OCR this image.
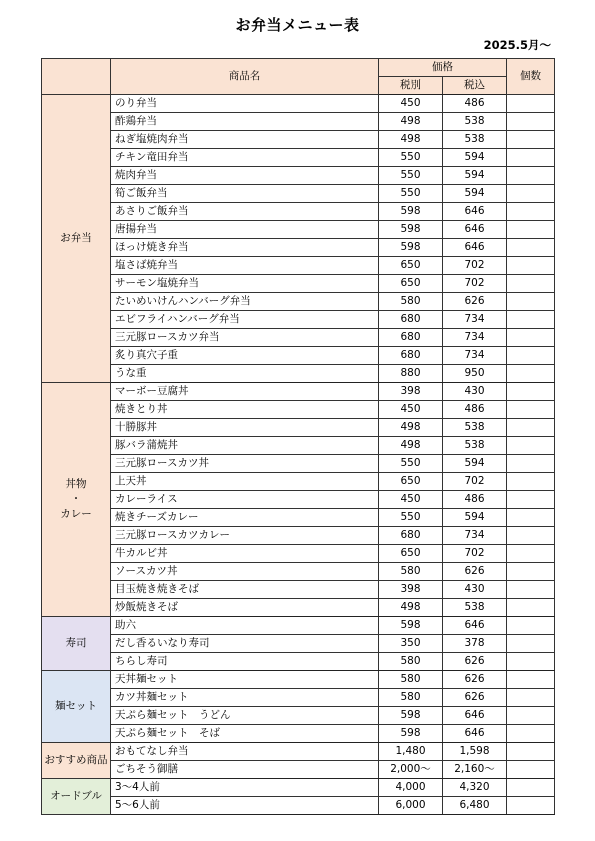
お弁当メニュー表
2025.5月～
	商品名	価格		個数
		税別	税込	

お弁当	のり弁当	450	486	
	酢鶏弁当	498	538	
	ねぎ塩焼肉弁当	498	538	
	チキン竜田弁当	550	594	
	焼肉弁当	550	594	
	筍ご飯弁当	550	594	
	あさりご飯弁当	598	646	
	唐揚弁当	598	646	
	ほっけ焼き弁当	598	646	
	塩さば焼弁当	650	702	
	サーモン塩焼弁当	650	702	
	たいめいけんハンバーグ弁当	580	626	
	エビフライハンバーグ弁当	680	734	
	三元豚ロースカツ弁当	680	734	
	炙り真穴子重	680	734	
	うな重	880	950	

丼物
・
カレー	マーボー豆腐丼	398	430	
	焼きとり丼	450	486	
	十勝豚丼	498	538	
	豚バラ蒲焼丼	498	538	
	三元豚ロースカツ丼	550	594	
	上天丼	650	702	
	カレーライス	450	486	
	焼きチーズカレー	550	594	
	三元豚ロースカツカレー	680	734	
	牛カルビ丼	650	702	
	ソースカツ丼	580	626	
	目玉焼き焼きそば	398	430	
	炒飯焼きそば	498	538	

寿司	助六	598	646	
	だし香るいなり寿司	350	378	
	ちらし寿司	580	626	

麺セット	天丼麺セット	580	626	
	カツ丼麺セット	580	626	
	天ぷら麺セット　うどん	598	646	
	天ぷら麺セット　そば	598	646	

おすすめ商品	おもてなし弁当	1,480	1,598	
	ごちそう御膳	2,000～	2,160～	

オードブル	3～4人前	4,000	4,320	
	5～6人前	6,000	6,480	
